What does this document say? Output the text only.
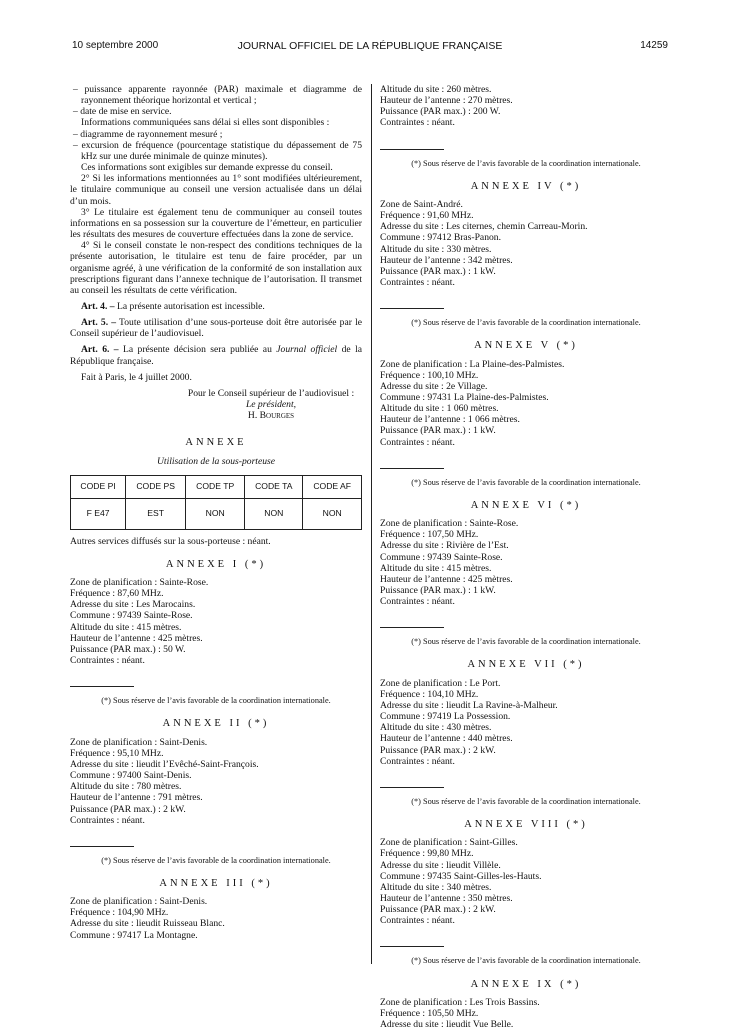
10 septembre 2000	JOURNAL OFFICIEL DE LA RÉPUBLIQUE FRANÇAISE	14259

– puissance apparente rayonnée (PAR) maximale et diagramme de rayonnement théorique horizontal et vertical ;

– date de mise en service.

Informations communiquées sans délai si elles sont disponibles :

– diagramme de rayonnement mesuré ;

– excursion de fréquence (pourcentage statistique du dépassement de 75 kHz sur une durée minimale de quinze minutes).

Ces informations sont exigibles sur demande expresse du conseil.

2° Si les informations mentionnées au 1° sont modifiées ultérieurement, le titulaire communique au conseil une version actualisée dans un délai d’un mois.

3° Le titulaire est également tenu de communiquer au conseil toutes informations en sa possession sur la couverture de l’émetteur, en particulier les résultats des mesures de couverture effectuées dans la zone de service.

4° Si le conseil constate le non-respect des conditions techniques de la présente autorisation, le titulaire est tenu de faire procéder, par un organisme agréé, à une vérification de la conformité de son installation aux prescriptions figurant dans l’annexe technique de l’autorisation. Il transmet au conseil les résultats de cette vérification.

Art. 4. – La présente autorisation est incessible.

Art. 5. – Toute utilisation d’une sous-porteuse doit être autorisée par le Conseil supérieur de l’audiovisuel.

Art. 6. – La présente décision sera publiée au Journal officiel de la République française.

Fait à Paris, le 4 juillet 2000.

Pour le Conseil supérieur de l’audiovisuel :

Le président,

H. Bourges

ANNEXE

Utilisation de la sous-porteuse

CODE PI	CODE PS	CODE TP	CODE TA	CODE AF
F E47	EST	NON	NON	NON

Autres services diffusés sur la sous-porteuse : néant.

ANNEXE I (*)

Zone de planification : Sainte-Rose.

Fréquence : 87,60 MHz.

Adresse du site : Les Marocains.

Commune : 97439 Sainte-Rose.

Altitude du site : 415 mètres.

Hauteur de l’antenne : 425 mètres.

Puissance (PAR max.) : 50 W.

Contraintes : néant.

(*) Sous réserve de l’avis favorable de la coordination internationale.

ANNEXE II (*)

Zone de planification : Saint-Denis.

Fréquence : 95,10 MHz.

Adresse du site : lieudit l’Evêché-Saint-François.

Commune : 97400 Saint-Denis.

Altitude du site : 780 mètres.

Hauteur de l’antenne : 791 mètres.

Puissance (PAR max.) : 2 kW.

Contraintes : néant.

(*) Sous réserve de l’avis favorable de la coordination internationale.

ANNEXE III (*)

Zone de planification : Saint-Denis.

Fréquence : 104,90 MHz.

Adresse du site : lieudit Ruisseau Blanc.

Commune : 97417 La Montagne.

Altitude du site : 260 mètres.

Hauteur de l’antenne : 270 mètres.

Puissance (PAR max.) : 200 W.

Contraintes : néant.

(*) Sous réserve de l’avis favorable de la coordination internationale.

ANNEXE IV (*)

Zone de Saint-André.

Fréquence : 91,60 MHz.

Adresse du site : Les citernes, chemin Carreau-Morin.

Commune : 97412 Bras-Panon.

Altitude du site : 330 mètres.

Hauteur de l’antenne : 342 mètres.

Puissance (PAR max.) : 1 kW.

Contraintes : néant.

(*) Sous réserve de l’avis favorable de la coordination internationale.

ANNEXE V (*)

Zone de planification : La Plaine-des-Palmistes.

Fréquence : 100,10 MHz.

Adresse du site : 2e Village.

Commune : 97431 La Plaine-des-Palmistes.

Altitude du site : 1 060 mètres.

Hauteur de l’antenne : 1 066 mètres.

Puissance (PAR max.) : 1 kW.

Contraintes : néant.

(*) Sous réserve de l’avis favorable de la coordination internationale.

ANNEXE VI (*)

Zone de planification : Sainte-Rose.

Fréquence : 107,50 MHz.

Adresse du site : Rivière de l’Est.

Commune : 97439 Sainte-Rose.

Altitude du site : 415 mètres.

Hauteur de l’antenne : 425 mètres.

Puissance (PAR max.) : 1 kW.

Contraintes : néant.

(*) Sous réserve de l’avis favorable de la coordination internationale.

ANNEXE VII (*)

Zone de planification : Le Port.

Fréquence : 104,10 MHz.

Adresse du site : lieudit La Ravine-à-Malheur.

Commune : 97419 La Possession.

Altitude du site : 430 mètres.

Hauteur de l’antenne : 440 mètres.

Puissance (PAR max.) : 2 kW.

Contraintes : néant.

(*) Sous réserve de l’avis favorable de la coordination internationale.

ANNEXE VIII (*)

Zone de planification : Saint-Gilles.

Fréquence : 99,80 MHz.

Adresse du site : lieudit Villèle.

Commune : 97435 Saint-Gilles-les-Hauts.

Altitude du site : 340 mètres.

Hauteur de l’antenne : 350 mètres.

Puissance (PAR max.) : 2 kW.

Contraintes : néant.

(*) Sous réserve de l’avis favorable de la coordination internationale.

ANNEXE IX (*)

Zone de planification : Les Trois Bassins.

Fréquence : 105,50 MHz.

Adresse du site : lieudit Vue Belle.
